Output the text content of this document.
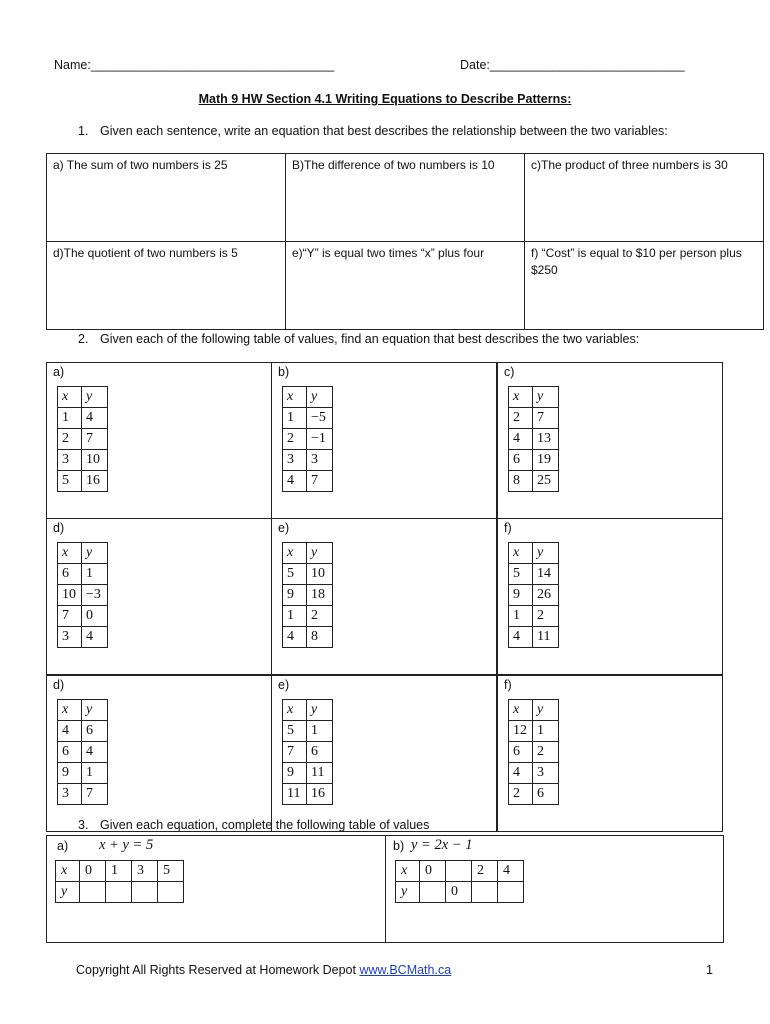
Name:___________________________________	Date:____________________________
Math 9 HW Section 4.1 Writing Equations to Describe Patterns:
1. Given each sentence, write an equation that best describes the relationship between the two variables:
a) The sum of two numbers is 25	B)The difference of two numbers is 10	c)The product of three numbers is 30

d)The quotient of two numbers is 5	e)“Y” is equal two times “x” plus four	f) “Cost” is equal to $10 per person plus $250
2. Given each of the following table of values, find an equation that best describes the two variables:
a)
x	y
1	4
2	7
3	10
5	16
b)
x	y
1	−5
2	−1
3	3
4	7
c)
x	y
2	7
4	13
6	19
8	25
d)
x	y
6	1
10	−3
7	0
3	4
e)
x	y
5	10
9	18
1	2
4	8
f)
x	y
5	14
9	26
1	2
4	11
d)
x	y
4	6
6	4
9	1
3	7
e)
x	y
5	1
7	6
9	11
11	16
f)
x	y
12	1
6	2
4	3
2	6
3. Given each equation, complete the following table of values
a) x + y = 5
x	0	1	3	5
y				
b) y = 2x − 1
x	0		2	4
y		0		
Copyright All Rights Reserved at Homework Depot www.BCMath.ca	1
